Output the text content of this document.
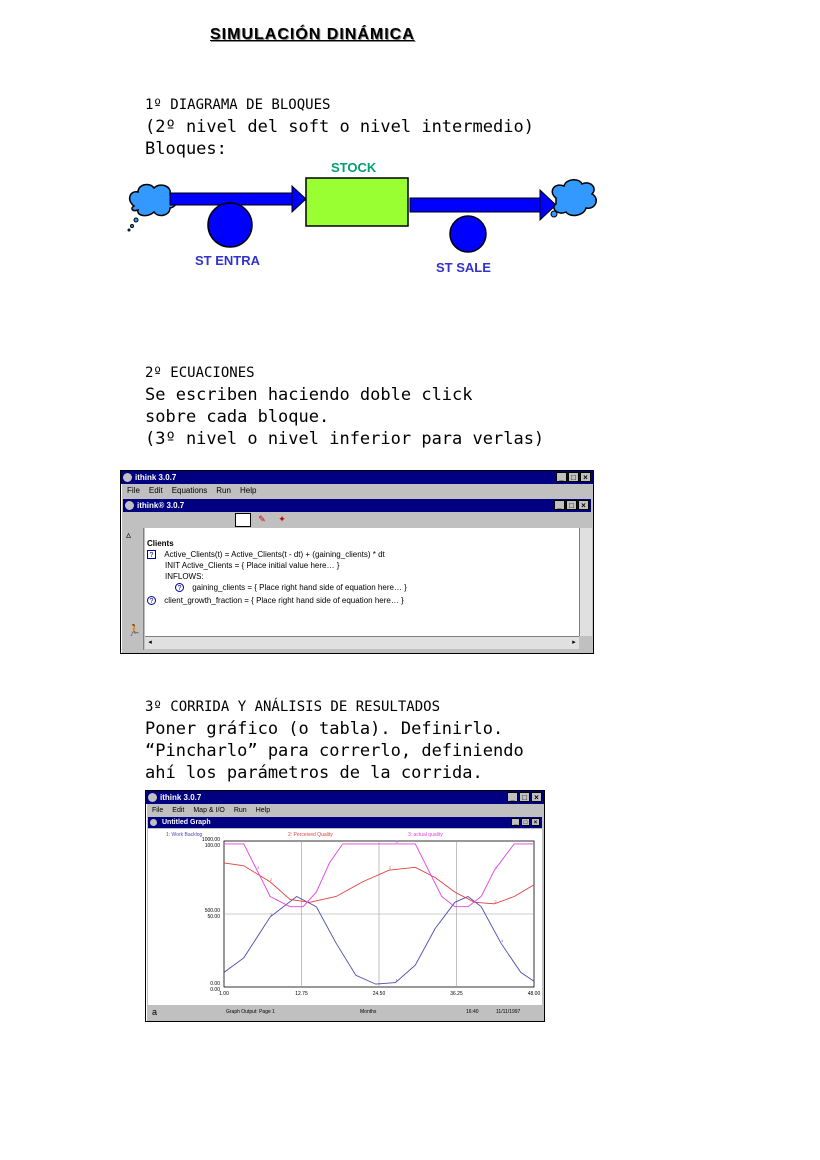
SIMULACIÓN DINÁMICA
1º DIAGRAMA DE BLOQUES
(2º nivel del soft o nivel intermedio)
Bloques:
STOCK
ST ENTRA	ST SALE
2º ECUACIONES
Se escriben haciendo doble click
sobre cada bloque.
(3º nivel o nivel inferior para verlas)
ithink 3.0.7	_ □ ×
File Edit Equations Run Help
ithink® 3.0.7	_ □ ×
✎	✦
▵
🏃
Clients
? Active_Clients(t) = Active_Clients(t - dt) + (gaining_clients) * dt
INIT Active_Clients = { Place initial value here… }
INFLOWS:
? gaining_clients = { Place right hand side of equation here… }
? client_growth_fraction = { Place right hand side of equation here… }
◂	▸
3º CORRIDA Y ANÁLISIS DE RESULTADOS
Poner gráfico (o tabla). Definirlo.
“Pincharlo” para correrlo, definiendo
ahí los parámetros de la corrida.
ithink 3.0.7	_ □ ×
File Edit Map & I/O Run Help
Untitled Graph	_	□	×
1: Work Backlog	2: Perceived Quality	3: actual quality
1.00	12.75	24.50	36.25	48.00
1000.00
500.00
0.00
100.00
50.00
0.00
1
1
1
2
2
2
3
3
3
a	Graph Output: Page 1	Months	16:40	11/11/1997
